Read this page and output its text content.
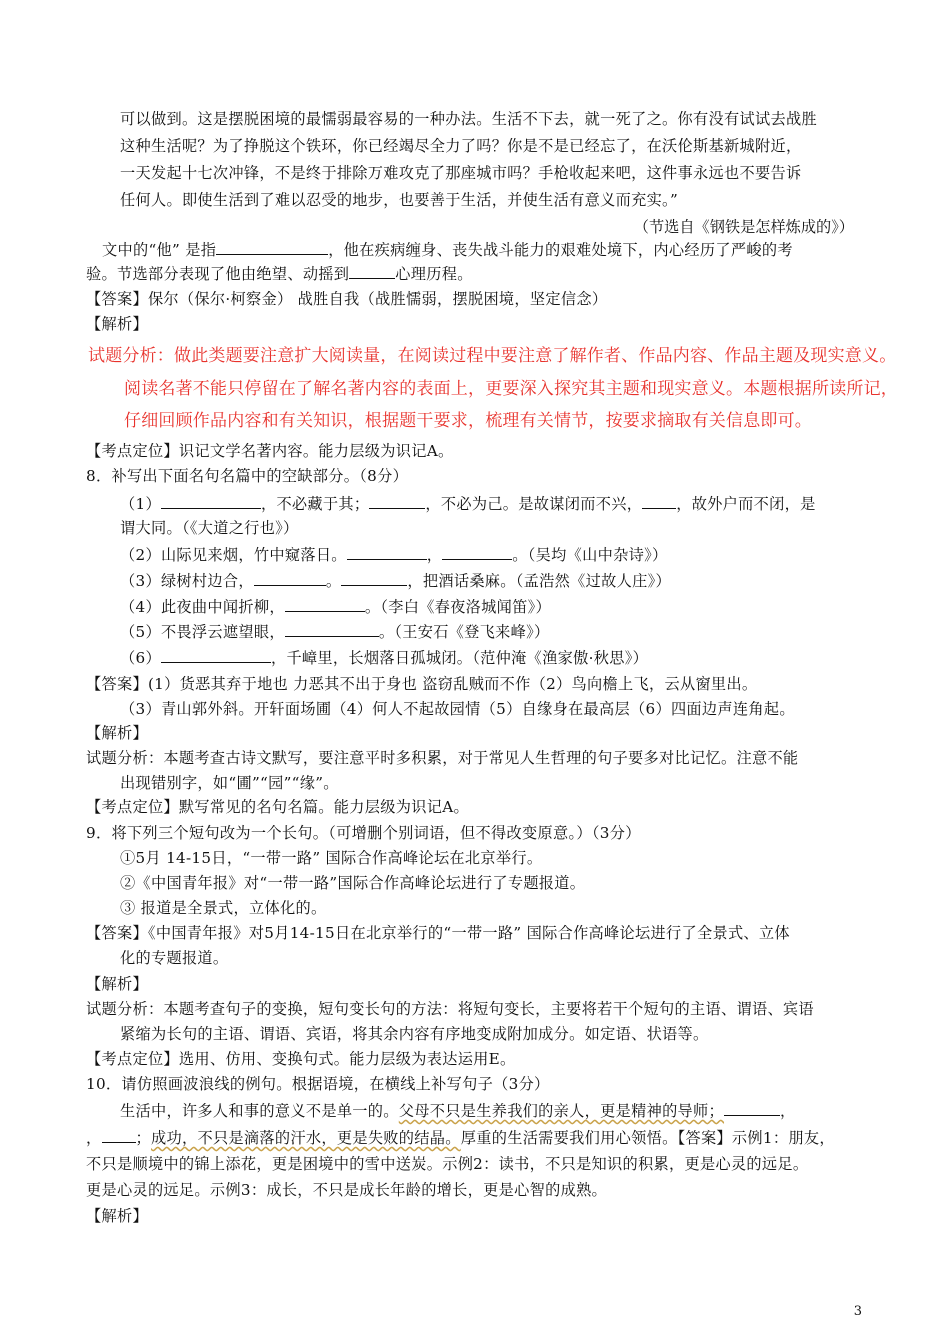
可以做到。这是摆脱困境的最懦弱最容易的一种办法。生活不下去，就一死了之。你有没有试试去战胜
这种生活呢？为了挣脱这个铁环，你已经竭尽全力了吗？你是不是已经忘了，在沃伦斯基新城附近，
一天发起十七次冲锋，不是终于排除万难攻克了那座城市吗？手枪收起来吧，这件事永远也不要告诉
任何人。即使生活到了难以忍受的地步，也要善于生活，并使生活有意义而充实。”
（节选自《钢铁是怎样炼成的》）
文中的“他” 是指	，他在疾病缠身、丧失战斗能力的艰难处境下，内心经历了严峻的考
验。节选部分表现了他由绝望、动摇到	心理历程。
【答案】保尔（保尔·柯察金） 战胜自我（战胜懦弱，摆脱困境，坚定信念）
【解析】
试题分析：做此类题要注意扩大阅读量，在阅读过程中要注意了解作者、作品内容、作品主题及现实意义。
阅读名著不能只停留在了解名著内容的表面上，更要深入探究其主题和现实意义。本题根据所读所记，
仔细回顾作品内容和有关知识，根据题干要求，梳理有关情节，按要求摘取有关信息即可。
【考点定位】识记文学名著内容。能力层级为识记A。
8．补写出下面名句名篇中的空缺部分。（8分）
（1）	，不必藏于其；	，不必为己。是故谋闭而不兴， ，故外户而不闭，是
谓大同。（《大道之行也》）
（2）山际见来烟，竹中窥落日。	，	。（吴均《山中杂诗》）
（3）绿树村边合，	。	，把酒话桑麻。（孟浩然《过故人庄》）
（4）此夜曲中闻折柳，	。（李白《春夜洛城闻笛》）
（5）不畏浮云遮望眼，	。（王安石《登飞来峰》）
（6）	，千嶂里，长烟落日孤城闭。（范仲淹《渔家傲·秋思》）
【答案】(1）货恶其弃于地也 力恶其不出于身也 盗窃乱贼而不作（2）鸟向檐上飞，云从窗里出。
（3）青山郭外斜。开轩面场圃（4）何人不起故园情（5）自缘身在最高层（6）四面边声连角起。
【解析】
试题分析：本题考查古诗文默写，要注意平时多积累，对于常见人生哲理的句子要多对比记忆。注意不能
出现错别字，如“圃”“园”“缘”。
【考点定位】默写常见的名句名篇。能力层级为识记A。
9．将下列三个短句改为一个长句。（可增删个别词语，但不得改变原意。）（3分）
①5月 14-15日，“一带一路” 国际合作高峰论坛在北京举行。
②《中国青年报》对“一带一路”国际合作高峰论坛进行了专题报道。
③ 报道是全景式，立体化的。
【答案】《中国青年报》对5月14-15日在北京举行的“一带一路” 国际合作高峰论坛进行了全景式、立体
化的专题报道。
【解析】
试题分析：本题考查句子的变换，短句变长句的方法：将短句变长，主要将若干个短句的主语、谓语、宾语
紧缩为长句的主语、谓语、宾语，将其余内容有序地变成附加成分。如定语、状语等。
【考点定位】选用、仿用、变换句式。能力层级为表达运用E。
10．请仿照画波浪线的例句。根据语境，在横线上补写句子（3分）
生活中，许多人和事的意义不是单一的。父母不只是生养我们的亲人，更是精神的导师；	，
， ；成功，不只是滴落的汗水，更是失败的结晶。厚重的生活需要我们用心领悟。【答案】示例1：朋友，
不只是顺境中的锦上添花，更是困境中的雪中送炭。示例2：读书，不只是知识的积累，更是心灵的远足。
更是心灵的远足。示例3：成长，不只是成长年龄的增长，更是心智的成熟。
【解析】
3
